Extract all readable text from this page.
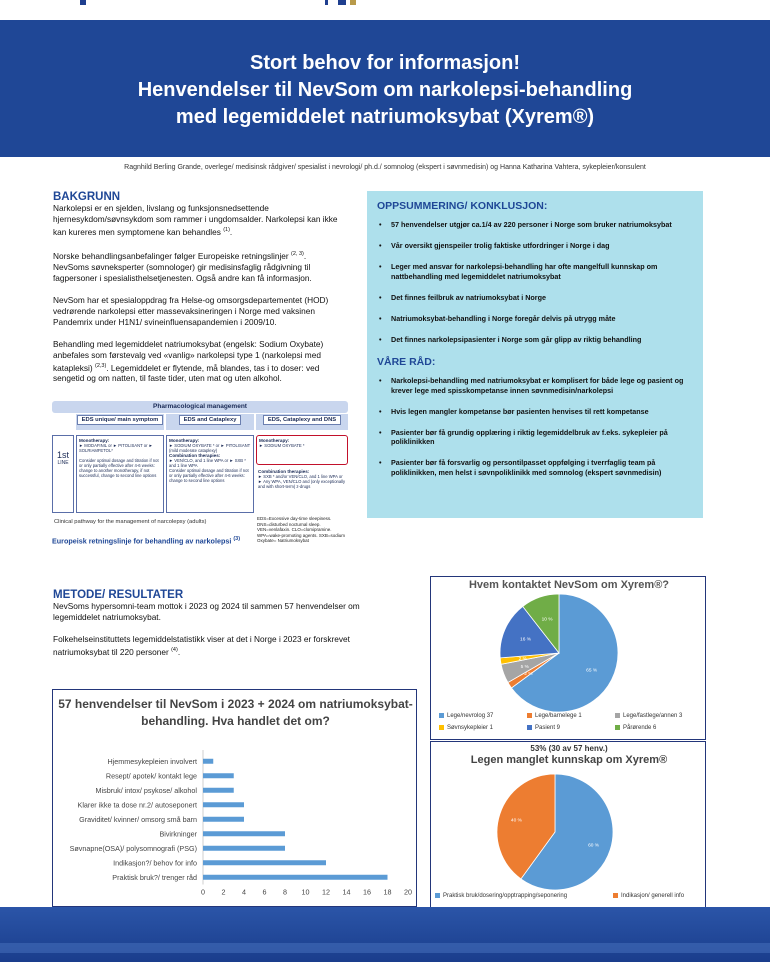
Stort behov for informasjon!
Henvendelser til NevSom om narkolepsi-behandling
med legemiddelet natriumoksybat (Xyrem®)
Ragnhild Berling Grande, overlege/ medisinsk rådgiver/ spesialist i nevrologi/ ph.d./ somnolog (ekspert i søvnmedisin) og Hanna Katharina Vahtera, sykepleier/konsulent
BAKGRUNN

Narkolepsi er en sjelden, livslang og funksjonsnedsettende hjernesykdom/søvnsykdom som rammer i ungdomsalder. Narkolepsi kan ikke kan kureres men symptomene kan behandles $^{(1)}$.

Norske behandlingsanbefalinger følger Europeiske retningslinjer $^{(2, 3)}$. NevSoms søvneksperter (somnologer) gir medisinsfaglig rådgivning til fagpersoner i spesialisthelsetjenesten. Også andre kan få informasjon.

NevSom har et spesialoppdrag fra Helse-og omsorgsdepartementet (HOD) vedrørende narkolepsi etter massevaksineringen i Norge med vaksinen Pandemrix under H1N1/ svineinfluensapandemien i 2009/10.

Behandling med legemiddelet natriumoksybat (engelsk: Sodium Oxybate) anbefales som førstevalg ved «vanlig» narkolepsi type 1 (narkolepsi med katapleksi) $^{(2,3)}$. Legemiddelet er flytende, må blandes, tas i to doser: ved sengetid og om natten, til faste tider, uten mat og uten alkohol.

Pharmacological management
EDS unique/ main symptom	EDS and Cataplexy	EDS, Cataplexy and DNS
1st
LINE
Monotherapy:
► MODAFINIL or ► PITOLISANT or ► SOLRIAMFETOL*

Consider optimal dosage and titration if not or only partially effective after 4-6 weeks: change to another monotherapy, if not successful, change to second line options
Monotherapy:
► SODIUM OXYBATE * or ► PITOLISANT (mild moderate cataplexy)
Combination therapies:
► VEN/CLO, and 1 line WPA or ► SXB * and 1 line WPA
Consider optimal dosage and titration if not or only partially effective after 4-6 weeks: change to second line options
Monotherapy:
► SODIUM OXYBATE *
Combination therapies:
► SXB * and/or VEN/CLO, and 1 line WPA or ► Any WPA, VEN/CLO and (only exceptionally and with short-term) z-drugs
Clinical pathway for the management of narcolepsy (adults)
EDS=Excessive day-time sleepiness. DNS=disturbed nocturnal sleep. VEN=venlafaxin. CLO=clomipramine. WPA=wake-promoting agents. SXB=sodium Oxybate= Natriumoksybat
Europeisk retningslinje for behandling av narkolepsi $^{(3)}$
OPPSUMMERING/ KONKLUSJON:
• 57 henvendelser utgjør ca.1/4 av 220 personer i Norge som bruker natriumoksybat
• Vår oversikt gjenspeiler trolig faktiske utfordringer i Norge i dag
• Leger med ansvar for narkolepsi-behandling har ofte mangelfull kunnskap om nattbehandling med legemiddelet natriumoksybat
• Det finnes feilbruk av natriumoksybat i Norge
• Natriumoksybat-behandling i Norge foregår delvis på utrygg måte
• Det finnes narkolepsipasienter i Norge som går glipp av riktig behandling
VÅRE RÅD:
• Narkolepsi-behandling med natriumoksybat er komplisert for både lege og pasient og krever lege med spisskompetanse innen søvnmedisin/narkolepsi
• Hvis legen mangler kompetanse bør pasienten henvises til rett kompetanse
• Pasienter bør få grundig opplæring i riktig legemiddelbruk av f.eks. sykepleier på poliklinikken
• Pasienter bør få forsvarlig og persontilpasset oppfølging i tverrfaglig team på poliklinikken, men helst i søvnpoliklinikk med somnolog (ekspert søvnmedisin)
METODE/ RESULTATER

NevSoms hypersomni-team mottok i 2023 og 2024 til sammen 57 henvendelser om legemiddelet natriumoksybat.

Folkehelseinstituttets legemiddelstatistikk viser at det i Norge i 2023 er forskrevet natriumoksybat til 220 personer $^{(4)}$.

57 henvendelser til NevSom i 2023 + 2024 om natriumoksybat-behandling. Hva handlet det om?
Hjemmesykepleien involvert
Resept/ apotek/ kontakt lege
Misbruk/ intox/ psykose/ alkohol
Klarer ikke ta dose nr.2/ autoseponert
Graviditet/ kvinner/ omsorg små barn
Bivirkninger
Søvnapne(OSA)/ polysomnografi (PSG)
Indikasjon?/ behov for info
Praktisk bruk?/ trenger råd
0 2 4 6 8 10 12 14 16 18 20
Hvem kontaktet NevSom om Xyrem®?
65 %
2 %
5 %
2 %
16 %
10 %
Lege/nevrolog 37	Lege/barnelege 1	Lege/fastlege/annen 3
Søvnsykepleier 1	Pasient 9	Pårørende 6
53% (30 av 57 henv.)
Legen manglet kunnskap om Xyrem®
60 %
40 %
Praktisk bruk/dosering/opptrapping/seponering	Indikasjon/ generell info
